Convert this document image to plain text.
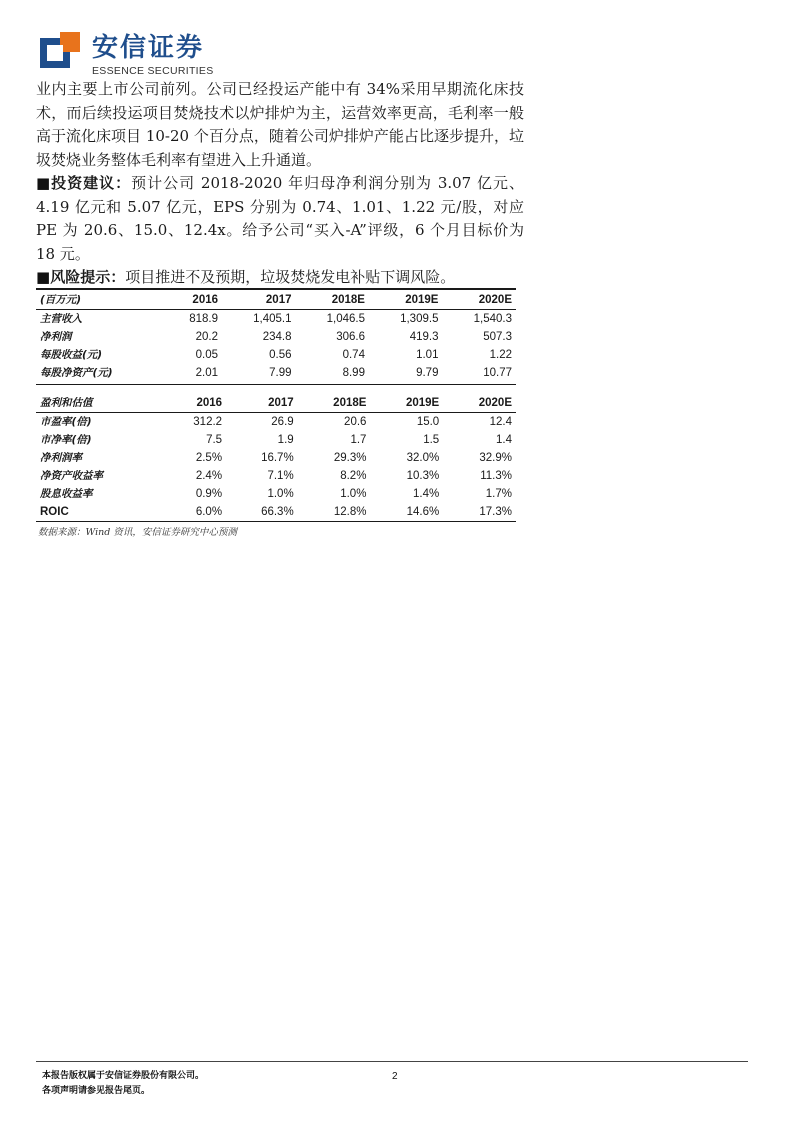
安信证券
ESSENCE SECURITIES

业内主要上市公司前列。公司已经投运产能中有 34%采用早期流化床技术，而后续投运项目焚烧技术以炉排炉为主，运营效率更高，毛利率一般高于流化床项目 10-20 个百分点，随着公司炉排炉产能占比逐步提升，垃圾焚烧业务整体毛利率有望进入上升通道。

■投资建议：预计公司 2018-2020 年归母净利润分别为 3.07 亿元、4.19 亿元和 5.07 亿元，EPS 分别为 0.74、1.01、1.22 元/股，对应 PE 为 20.6、15.0、12.4x。给予公司“买入-A”评级，6 个月目标价为 18 元。

■风险提示：项目推进不及预期，垃圾焚烧发电补贴下调风险。

(百万元)	2016	2017	2018E	2019E	2020E
主营收入	818.9	1,405.1	1,046.5	1,309.5	1,540.3
净利润	20.2	234.8	306.6	419.3	507.3
每股收益(元)	0.05	0.56	0.74	1.01	1.22
每股净资产(元)	2.01	7.99	8.99	9.79	10.77
盈利和估值	2016	2017	2018E	2019E	2020E
市盈率(倍)	312.2	26.9	20.6	15.0	12.4
市净率(倍)	7.5	1.9	1.7	1.5	1.4
净利润率	2.5%	16.7%	29.3%	32.0%	32.9%
净资产收益率	2.4%	7.1%	8.2%	10.3%	11.3%
股息收益率	0.9%	1.0%	1.0%	1.4%	1.7%
ROIC	6.0%	66.3%	12.8%	14.6%	17.3%
数据来源：Wind 资讯，安信证券研究中心预测
本报告版权属于安信证券股份有限公司。
各项声明请参见报告尾页。
2
